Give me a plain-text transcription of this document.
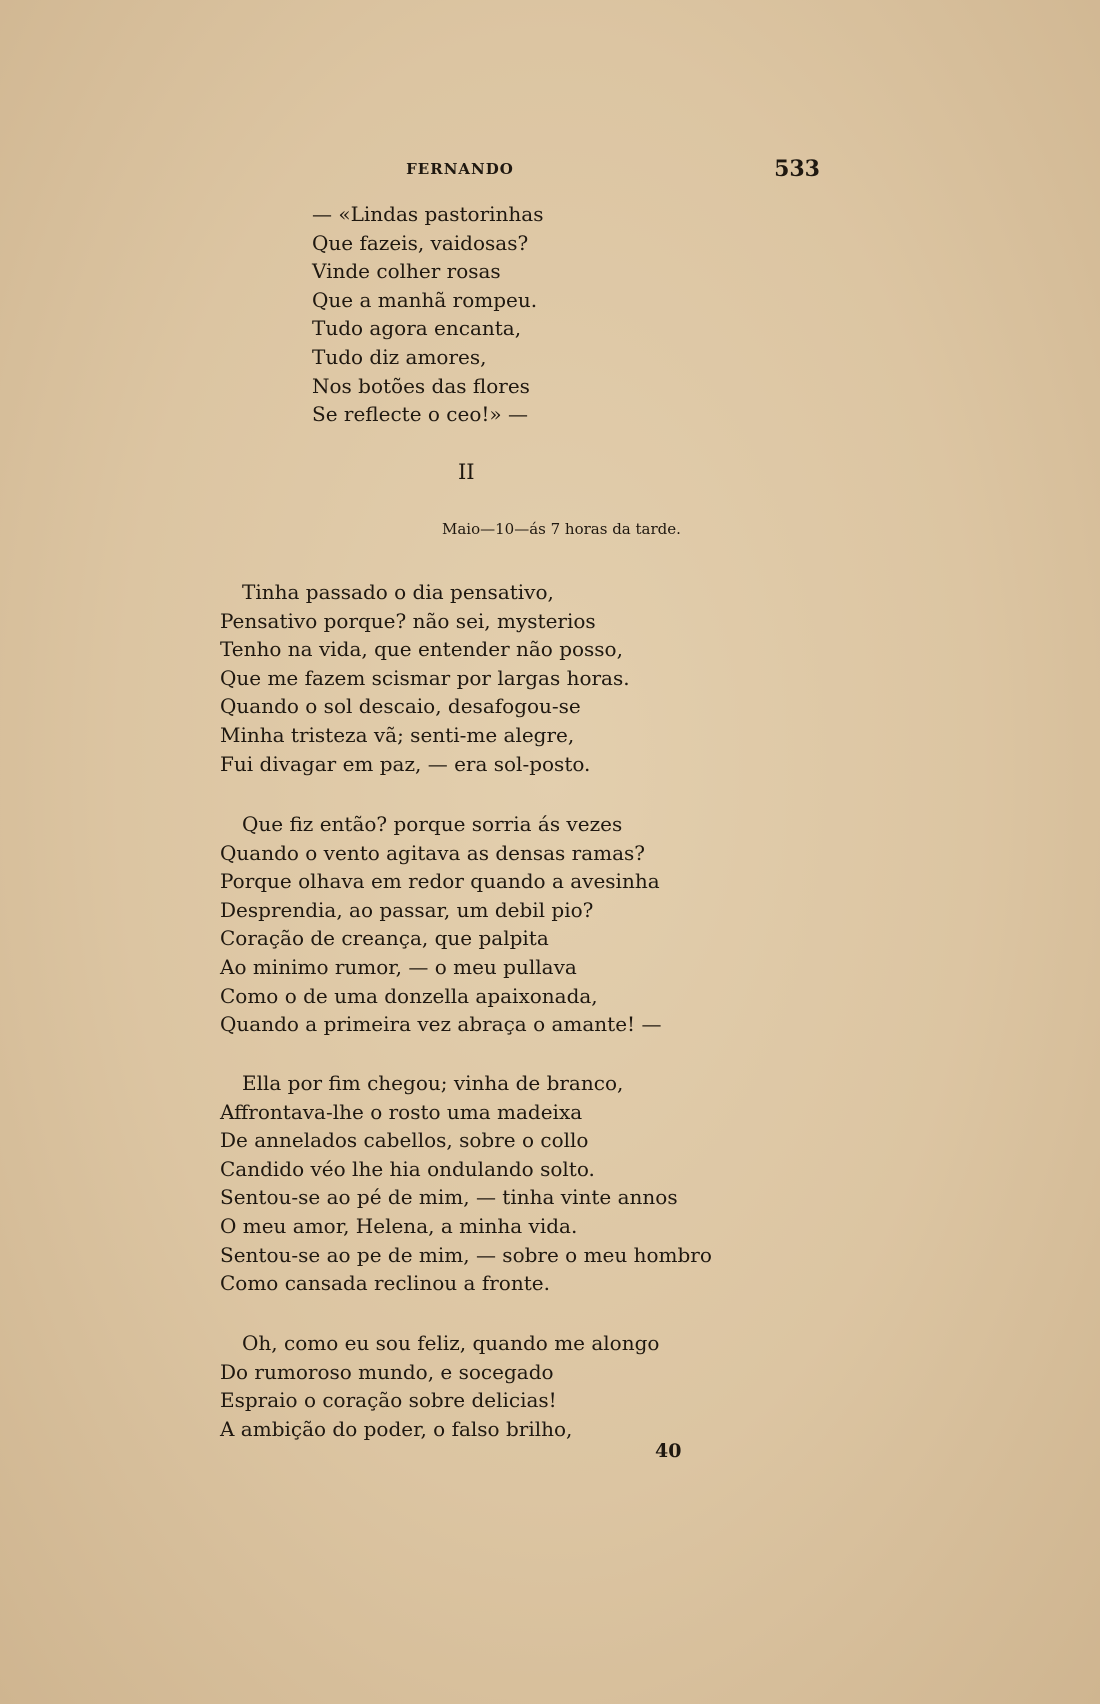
FERNANDO	533
— «Lindas pastorinhas
Que fazeis, vaidosas?
Vinde colher rosas
Que a manhã rompeu.
Tudo agora encanta,
Tudo diz amores,
Nos botões das flores
Se reflecte o ceo!» —
II
Maio—10—ás 7 horas da tarde.
Tinha passado o dia pensativo,
Pensativo porque? não sei, mysterios
Tenho na vida, que entender não posso,
Que me fazem scismar por largas horas.
Quando o sol descaio, desafogou-se
Minha tristeza vã; senti-me alegre,
Fui divagar em paz, — era sol-posto.
Que fiz então? porque sorria ás vezes
Quando o vento agitava as densas ramas?
Porque olhava em redor quando a avesinha
Desprendia, ao passar, um debil pio?
Coração de creança, que palpita
Ao minimo rumor, — o meu pullava
Como o de uma donzella apaixonada,
Quando a primeira vez abraça o amante! —
Ella por fim chegou; vinha de branco,
Affrontava-lhe o rosto uma madeixa
De annelados cabellos, sobre o collo
Candido véo lhe hia ondulando solto.
Sentou-se ao pé de mim, — tinha vinte annos
O meu amor, Helena, a minha vida.
Sentou-se ao pe de mim, — sobre o meu hombro
Como cansada reclinou a fronte.
Oh, como eu sou feliz, quando me alongo
Do rumoroso mundo, e socegado
Espraio o coração sobre delicias!
A ambição do poder, o falso brilho,
40
